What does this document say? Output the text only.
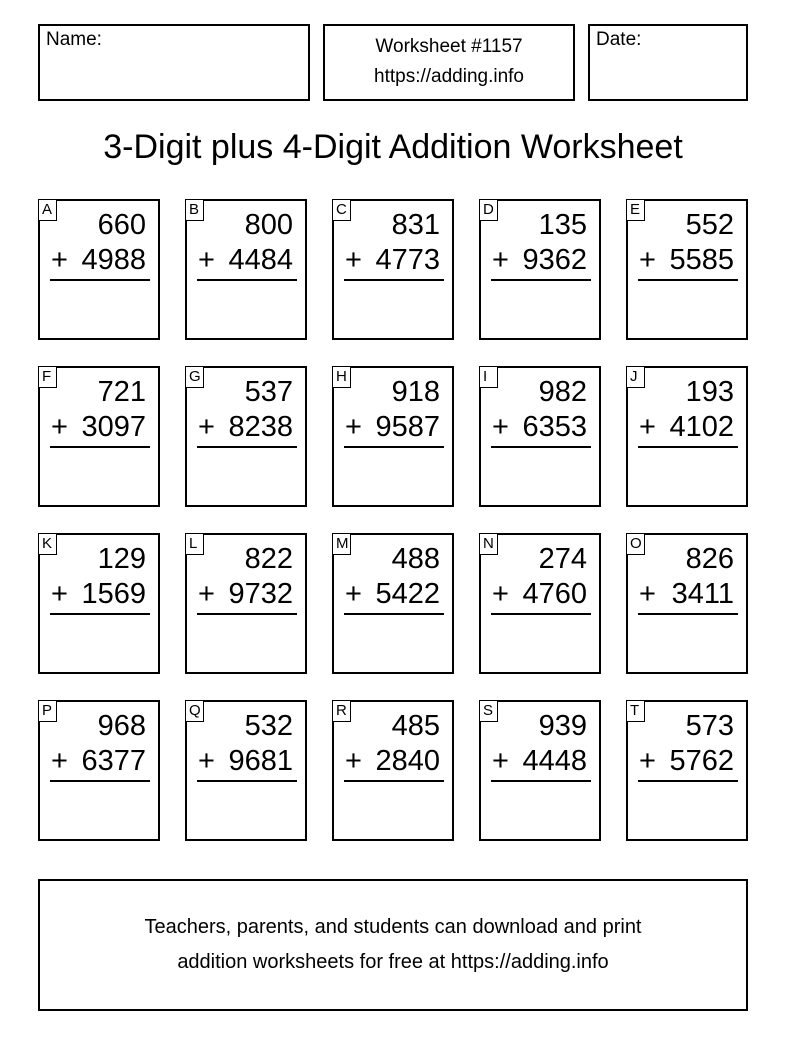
Name:	Worksheet #1157
https://adding.info
Date:
3-Digit plus 4-Digit Addition Worksheet
A 660
+ 4988
B 800
+ 4484
C 831
+ 4773
D 135
+ 9362
E 552
+ 5585
F 721
+ 3097
G 537
+ 8238
H 918
+ 9587
I	982
+ 6353
J 193
+ 4102
K 129
+ 1569
L 822
+ 9732
M 488
+ 5422
N 274
+ 4760
O 826
+ 3411
P 968
+ 6377
Q 532
+ 9681
R 485
+ 2840
S 939
+ 4448
T 573
+ 5762
Teachers, parents, and students can download and print
addition worksheets for free at https://adding.info
